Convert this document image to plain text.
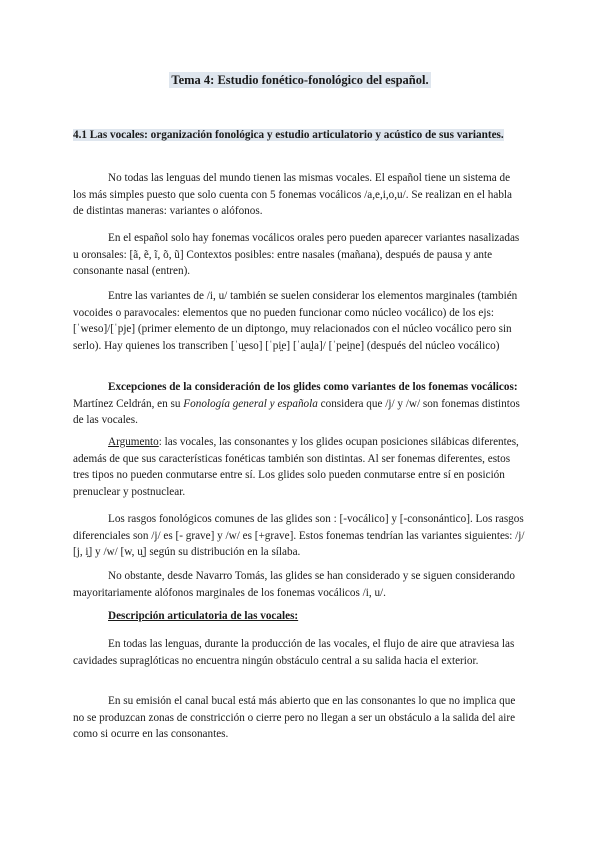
Tema 4: Estudio fonético-fonológico del español.

4.1 Las vocales: organización fonológica y estudio articulatorio y acústico de sus variantes.

No todas las lenguas del mundo tienen las mismas vocales. El español tiene un sistema de los más simples puesto que solo cuenta con 5 fonemas vocálicos /a,e,i,o,u/. Se realizan en el habla de distintas maneras: variantes o alófonos.

En el español solo hay fonemas vocálicos orales pero pueden aparecer variantes nasalizadas u oronsales: [ã, ẽ, ĩ, õ, ũ] Contextos posibles: entre nasales (mañana), después de pausa y ante consonante nasal (entren).

Entre las variantes de /i, u/ también se suelen considerar los elementos marginales (también vocoides o paravocales: elementos que no pueden funcionar como núcleo vocálico) de los ejs: [ˈweso]/[ˈpje] (primer elemento de un diptongo, muy relacionados con el núcleo vocálico pero sin serlo). Hay quienes los transcriben [ˈu̯eso] [ˈpi̯e] [ˈau̯la]/ [ˈpei̯ne] (después del núcleo vocálico)

Excepciones de la consideración de los glides como variantes de los fonemas vocálicos: Martínez Celdrán, en su Fonología general y española considera que /j/ y /w/ son fonemas distintos de las vocales.

Argumento: las vocales, las consonantes y los glides ocupan posiciones silábicas diferentes, además de que sus características fonéticas también son distintas. Al ser fonemas diferentes, estos tres tipos no pueden conmutarse entre sí. Los glides solo pueden conmutarse entre sí en posición prenuclear y postnuclear.

Los rasgos fonológicos comunes de las glides son : [-vocálico] y [-consonántico]. Los rasgos diferenciales son /j/ es [- grave] y /w/ es [+grave]. Estos fonemas tendrían las variantes siguientes: /j/ [j, i̯] y /w/ [w, u̯] según su distribución en la sílaba.

No obstante, desde Navarro Tomás, las glides se han considerado y se siguen considerando mayoritariamente alófonos marginales de los fonemas vocálicos /i, u/.

Descripción articulatoria de las vocales:

En todas las lenguas, durante la producción de las vocales, el flujo de aire que atraviesa las cavidades supraglóticas no encuentra ningún obstáculo central a su salida hacia el exterior.

En su emisión el canal bucal está más abierto que en las consonantes lo que no implica que no se produzcan zonas de constricción o cierre pero no llegan a ser un obstáculo a la salida del aire como si ocurre en las consonantes.
